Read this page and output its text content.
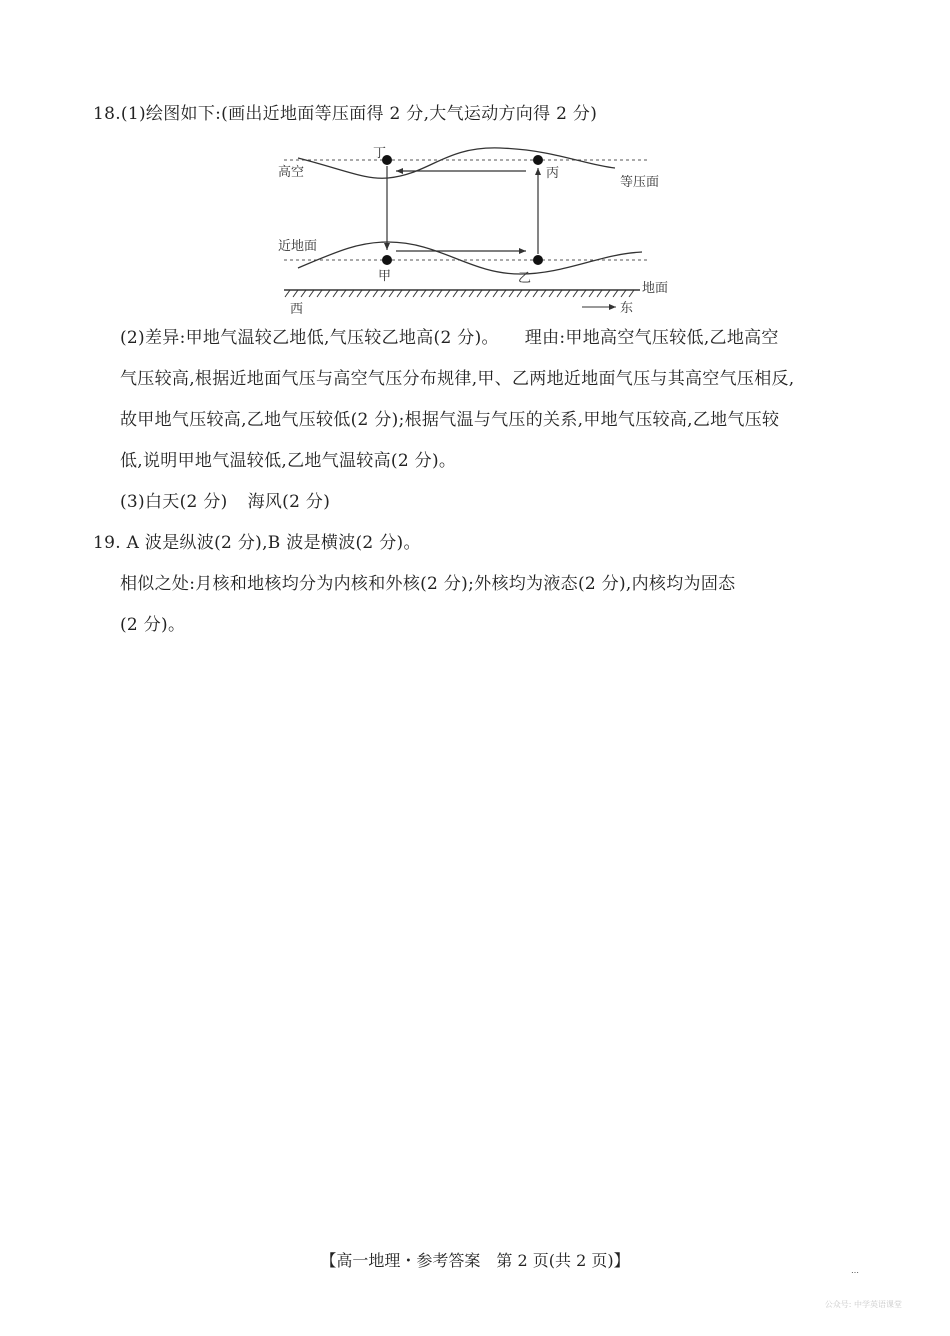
18.(1)绘图如下:(画出近地面等压面得 2 分,大气运动方向得 2 分)
高空
等压面
近地面
地面
西	东
丁
丙
甲	乙
(2)差异:甲地气温较乙地低,气压较乙地高(2 分)。 理由:甲地高空气压较低,乙地高空
气压较高,根据近地面气压与高空气压分布规律,甲、乙两地近地面气压与其高空气压相反,
故甲地气压较高,乙地气压较低(2 分);根据气温与气压的关系,甲地气压较高,乙地气压较
低,说明甲地气温较低,乙地气温较高(2 分)。
(3)白天(2 分) 海风(2 分)
19. A 波是纵波(2 分),B 波是横波(2 分)。
相似之处:月核和地核均分为内核和外核(2 分);外核均为液态(2 分),内核均为固态
(2 分)。
【高一地理・参考答案　第 2 页(共 2 页)】
…
公众号: 中学英语课堂
